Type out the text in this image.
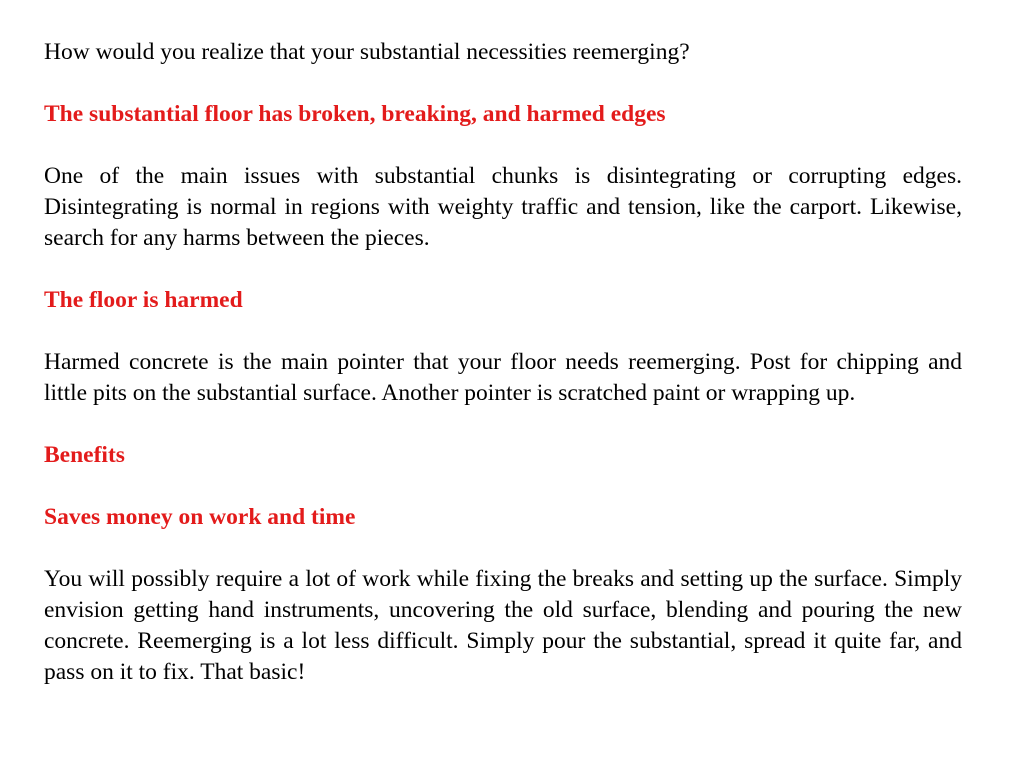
How would you realize that your substantial necessities reemerging?

The substantial floor has broken, breaking, and harmed edges

One of the main issues with substantial chunks is disintegrating or corrupting edges. Disintegrating is normal in regions with weighty traffic and tension, like the carport. Likewise, search for any harms between the pieces.

The floor is harmed

Harmed concrete is the main pointer that your floor needs reemerging. Post for chipping and little pits on the substantial surface. Another pointer is scratched paint or wrapping up.

Benefits

Saves money on work and time

You will possibly require a lot of work while fixing the breaks and setting up the surface. Simply envision getting hand instruments, uncovering the old surface, blending and pouring the new concrete. Reemerging is a lot less difficult. Simply pour the substantial, spread it quite far, and pass on it to fix. That basic!
